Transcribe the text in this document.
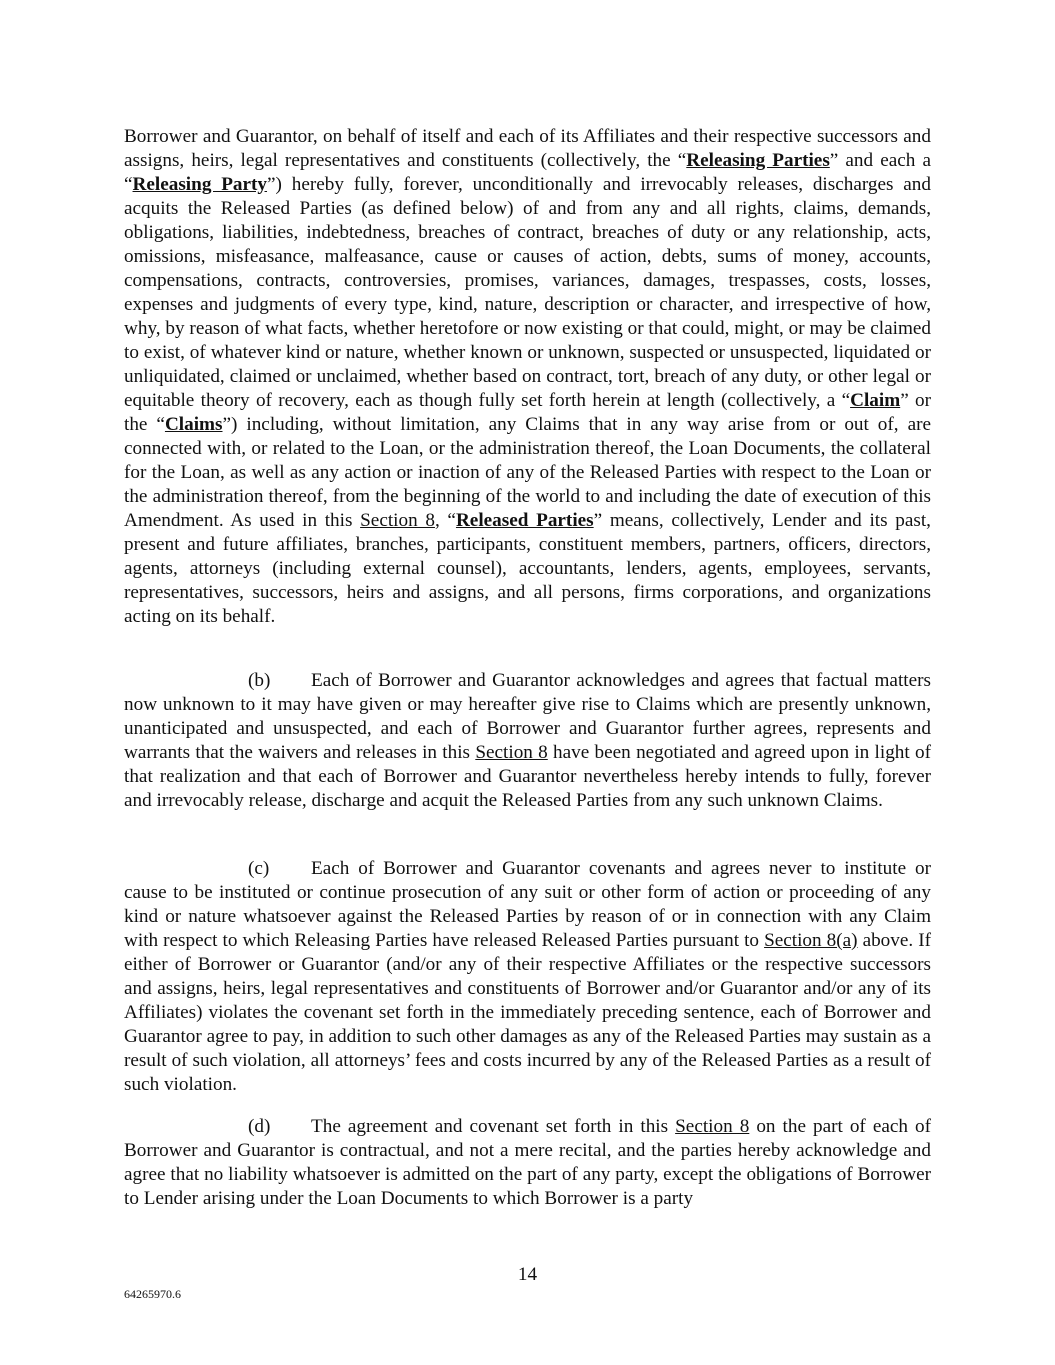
Borrower and Guarantor, on behalf of itself and each of its Affiliates and their respective successors and assigns, heirs, legal representatives and constituents (collectively, the “Releasing Parties” and each a “Releasing Party”) hereby fully, forever, unconditionally and irrevocably releases, discharges and acquits the Released Parties (as defined below) of and from any and all rights, claims, demands, obligations, liabilities, indebtedness, breaches of contract, breaches of duty or any relationship, acts, omissions, misfeasance, malfeasance, cause or causes of action, debts, sums of money, accounts, compensations, contracts, controversies, promises, variances, damages, trespasses, costs, losses, expenses and judgments of every type, kind, nature, description or character, and irrespective of how, why, by reason of what facts, whether heretofore or now existing or that could, might, or may be claimed to exist, of whatever kind or nature, whether known or unknown, suspected or unsuspected, liquidated or unliquidated, claimed or unclaimed, whether based on contract, tort, breach of any duty, or other legal or equitable theory of recovery, each as though fully set forth herein at length (collectively, a “Claim” or the “Claims”) including, without limitation, any Claims that in any way arise from or out of, are connected with, or related to the Loan, or the administration thereof, the Loan Documents, the collateral for the Loan, as well as any action or inaction of any of the Released Parties with respect to the Loan or the administration thereof, from the beginning of the world to and including the date of execution of this Amendment. As used in this Section 8, “Released Parties” means, collectively, Lender and its past, present and future affiliates, branches, participants, constituent members, partners, officers, directors, agents, attorneys (including external counsel), accountants, lenders, agents, employees, servants, representatives, successors, heirs and assigns, and all persons, firms corporations, and organizations acting on its behalf.

(b) Each of Borrower and Guarantor acknowledges and agrees that factual matters now unknown to it may have given or may hereafter give rise to Claims which are presently unknown, unanticipated and unsuspected, and each of Borrower and Guarantor further agrees, represents and warrants that the waivers and releases in this Section 8 have been negotiated and agreed upon in light of that realization and that each of Borrower and Guarantor nevertheless hereby intends to fully, forever and irrevocably release, discharge and acquit the Released Parties from any such unknown Claims.

(c) Each of Borrower and Guarantor covenants and agrees never to institute or cause to be instituted or continue prosecution of any suit or other form of action or proceeding of any kind or nature whatsoever against the Released Parties by reason of or in connection with any Claim with respect to which Releasing Parties have released Released Parties pursuant to Section 8(a) above. If either of Borrower or Guarantor (and/or any of their respective Affiliates or the respective successors and assigns, heirs, legal representatives and constituents of Borrower and/or Guarantor and/or any of its Affiliates) violates the covenant set forth in the immediately preceding sentence, each of Borrower and Guarantor agree to pay, in addition to such other damages as any of the Released Parties may sustain as a result of such violation, all attorneys’ fees and costs incurred by any of the Released Parties as a result of such violation.

(d) The agreement and covenant set forth in this Section 8 on the part of each of Borrower and Guarantor is contractual, and not a mere recital, and the parties hereby acknowledge and agree that no liability whatsoever is admitted on the part of any party, except the obligations of Borrower to Lender arising under the Loan Documents to which Borrower is a party

14
64265970.6
